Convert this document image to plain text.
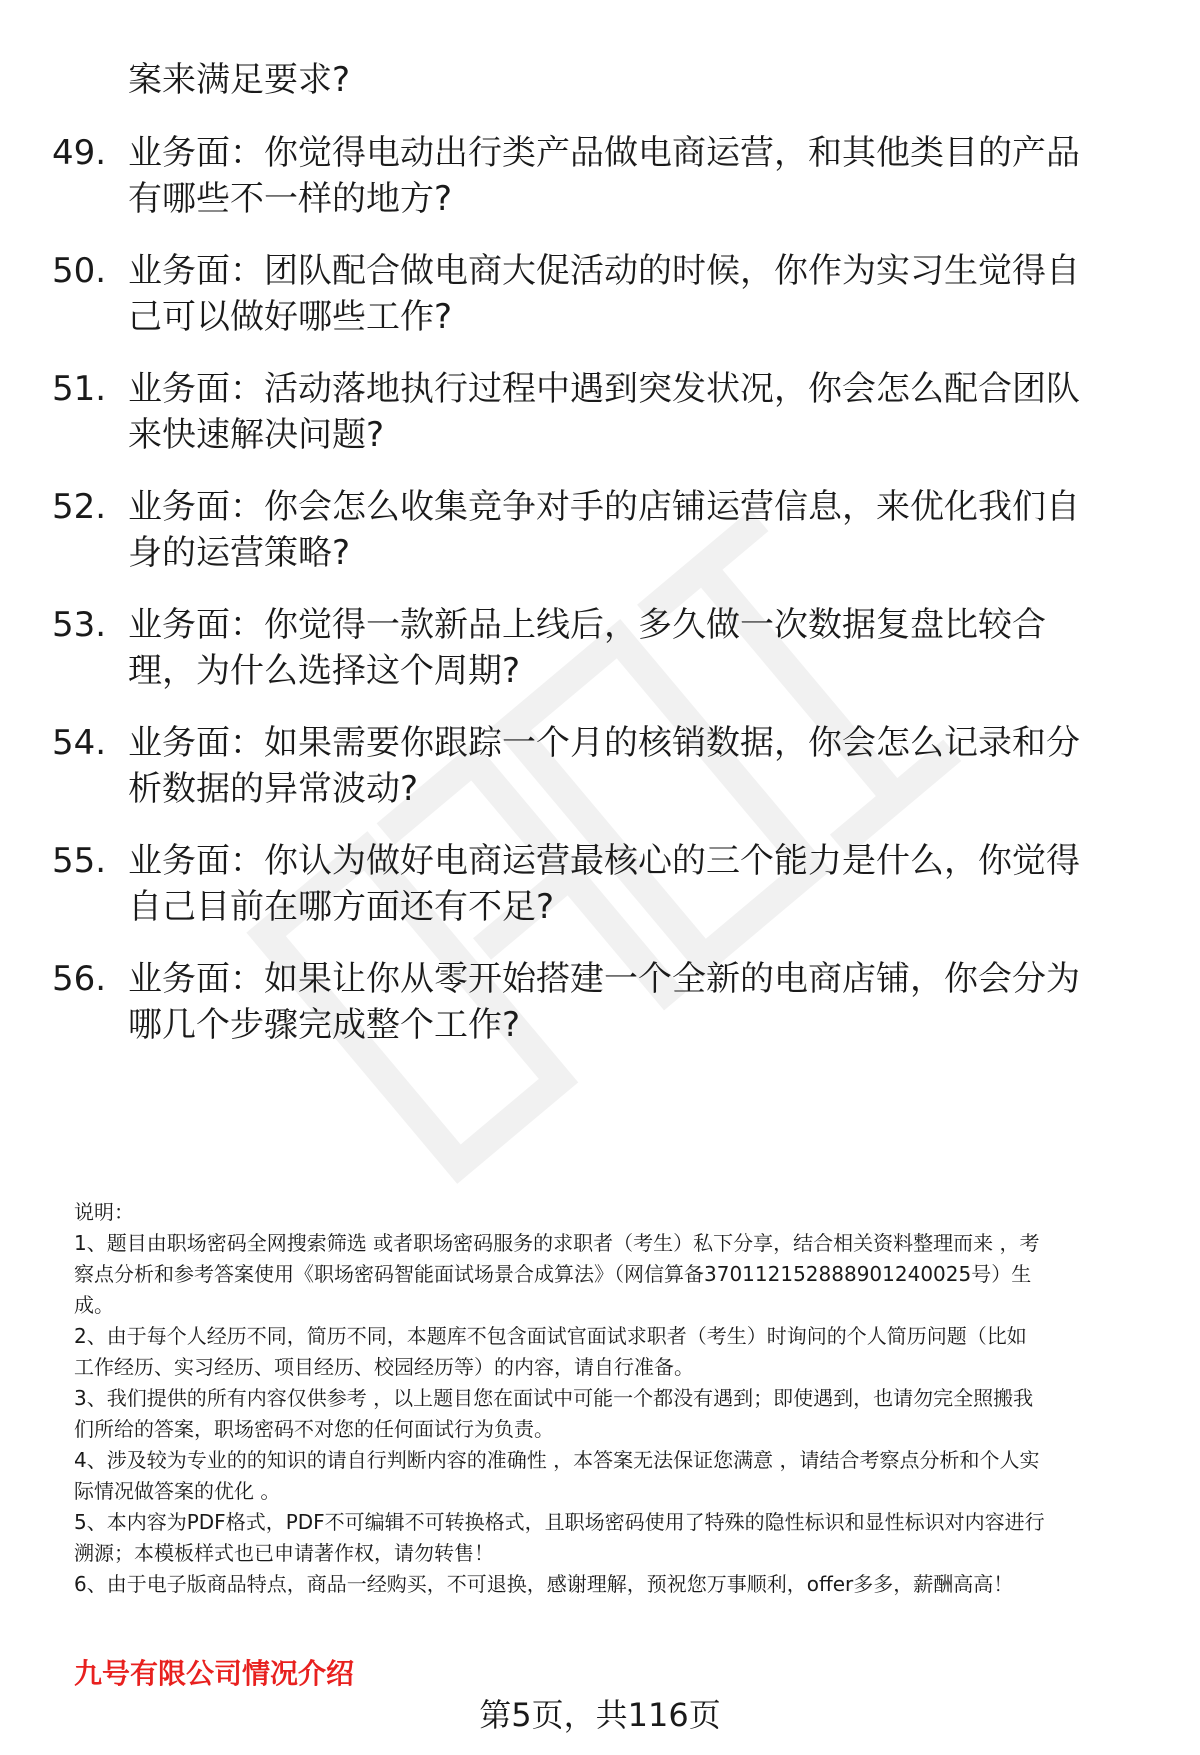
案来满足要求?
49. 业务面：你觉得电动出行类产品做电商运营，和其他类目的产品
有哪些不一样的地方?
50. 业务面：团队配合做电商大促活动的时候，你作为实习生觉得自
己可以做好哪些工作?
51. 业务面：活动落地执行过程中遇到突发状况，你会怎么配合团队
来快速解决问题?
52. 业务面：你会怎么收集竞争对手的店铺运营信息，来优化我们自
身的运营策略?
53. 业务面：你觉得一款新品上线后，多久做一次数据复盘比较合
理，为什么选择这个周期?
54. 业务面：如果需要你跟踪一个月的核销数据，你会怎么记录和分
析数据的异常波动?
55. 业务面：你认为做好电商运营最核心的三个能力是什么，你觉得
自己目前在哪方面还有不足?
56. 业务面：如果让你从零开始搭建一个全新的电商店铺，你会分为
哪几个步骤完成整个工作?
说明：
1、题目由职场密码全网搜索筛选 或者职场密码服务的求职者（考生）私下分享，结合相关资料整理而来 ，考
察点分析和参考答案使用《职场密码智能面试场景合成算法》（网信算备370112152888901240025号）生
成。
2、由于每个人经历不同，简历不同，本题库不包含面试官面试求职者（考生）时询问的个人简历问题（比如
工作经历、实习经历、项目经历、校园经历等）的内容，请自行准备。
3、我们提供的所有内容仅供参考 ，以上题目您在面试中可能一个都没有遇到；即使遇到，也请勿完全照搬我
们所给的答案，职场密码不对您的任何面试行为负责。
4、涉及较为专业的的知识的请自行判断内容的准确性 ，本答案无法保证您满意 ，请结合考察点分析和个人实
际情况做答案的优化 。
5、本内容为PDF格式，PDF不可编辑不可转换格式，且职场密码使用了特殊的隐性标识和显性标识对内容进行
溯源；本模板样式也已申请著作权，请勿转售！
6、由于电子版商品特点，商品一经购买，不可退换，感谢理解，预祝您万事顺利，offer多多，薪酬高高！
九号有限公司情况介绍
第5页，共116页
